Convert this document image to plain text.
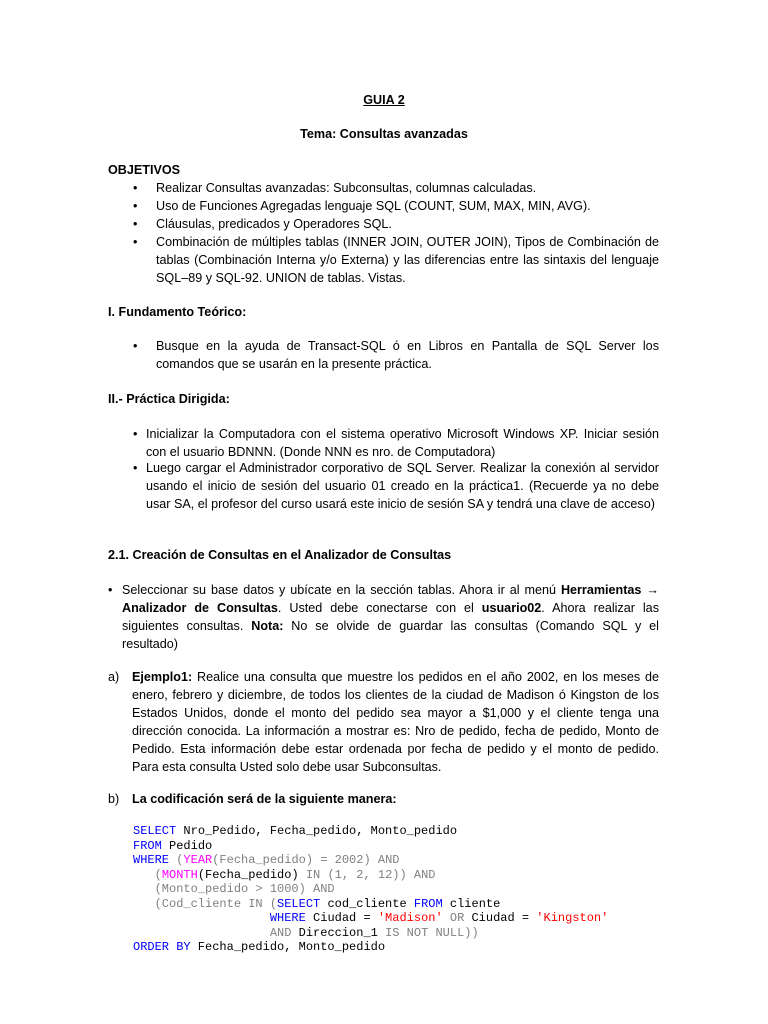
GUIA 2
Tema: Consultas avanzadas
OBJETIVOS
• Realizar Consultas avanzadas: Subconsultas, columnas calculadas.
• Uso de Funciones Agregadas lenguaje SQL (COUNT, SUM, MAX, MIN, AVG).
• Cláusulas, predicados y Operadores SQL.
• Combinación de múltiples tablas (INNER JOIN, OUTER JOIN), Tipos de Combinación de tablas (Combinación Interna y/o Externa) y las diferencias entre las sintaxis del lenguaje SQL–89 y SQL-92. UNION de tablas. Vistas.
I. Fundamento Teórico:
• Busque en la ayuda de Transact-SQL ó en Libros en Pantalla de SQL Server los comandos que se usarán en la presente práctica.
II.- Práctica Dirigida:
• Inicializar la Computadora con el sistema operativo Microsoft Windows XP. Iniciar sesión con el usuario BDNNN. (Donde NNN es nro. de Computadora)
• Luego cargar el Administrador corporativo de SQL Server. Realizar la conexión al servidor usando el inicio de sesión del usuario 01 creado en la práctica1. (Recuerde ya no debe usar SA, el profesor del curso usará este inicio de sesión SA y tendrá una clave de acceso)
2.1. Creación de Consultas en el Analizador de Consultas
• Seleccionar su base datos y ubícate en la sección tablas. Ahora ir al menú Herramientas → Analizador de Consultas. Usted debe conectarse con el usuario02. Ahora realizar las siguientes consultas. Nota: No se olvide de guardar las consultas (Comando SQL y el resultado)
a) Ejemplo1: Realice una consulta que muestre los pedidos en el año 2002, en los meses de enero, febrero y diciembre, de todos los clientes de la ciudad de Madison ó Kingston de los Estados Unidos, donde el monto del pedido sea mayor a $1,000 y el cliente tenga una dirección conocida. La información a mostrar es: Nro de pedido, fecha de pedido, Monto de Pedido. Esta información debe estar ordenada por fecha de pedido y el monto de pedido. Para esta consulta Usted solo debe usar Subconsultas.
b) La codificación será de la siguiente manera:
SELECT Nro_Pedido, Fecha_pedido, Monto_pedido
FROM Pedido
WHERE (YEAR(Fecha_pedido) = 2002) AND
(MONTH(Fecha_pedido) IN (1, 2, 12)) AND
(Monto_pedido > 1000) AND
(Cod_cliente IN (SELECT cod_cliente FROM cliente
WHERE Ciudad = 'Madison' OR Ciudad = 'Kingston'
AND Direccion_1 IS NOT NULL))
ORDER BY Fecha_pedido, Monto_pedido
